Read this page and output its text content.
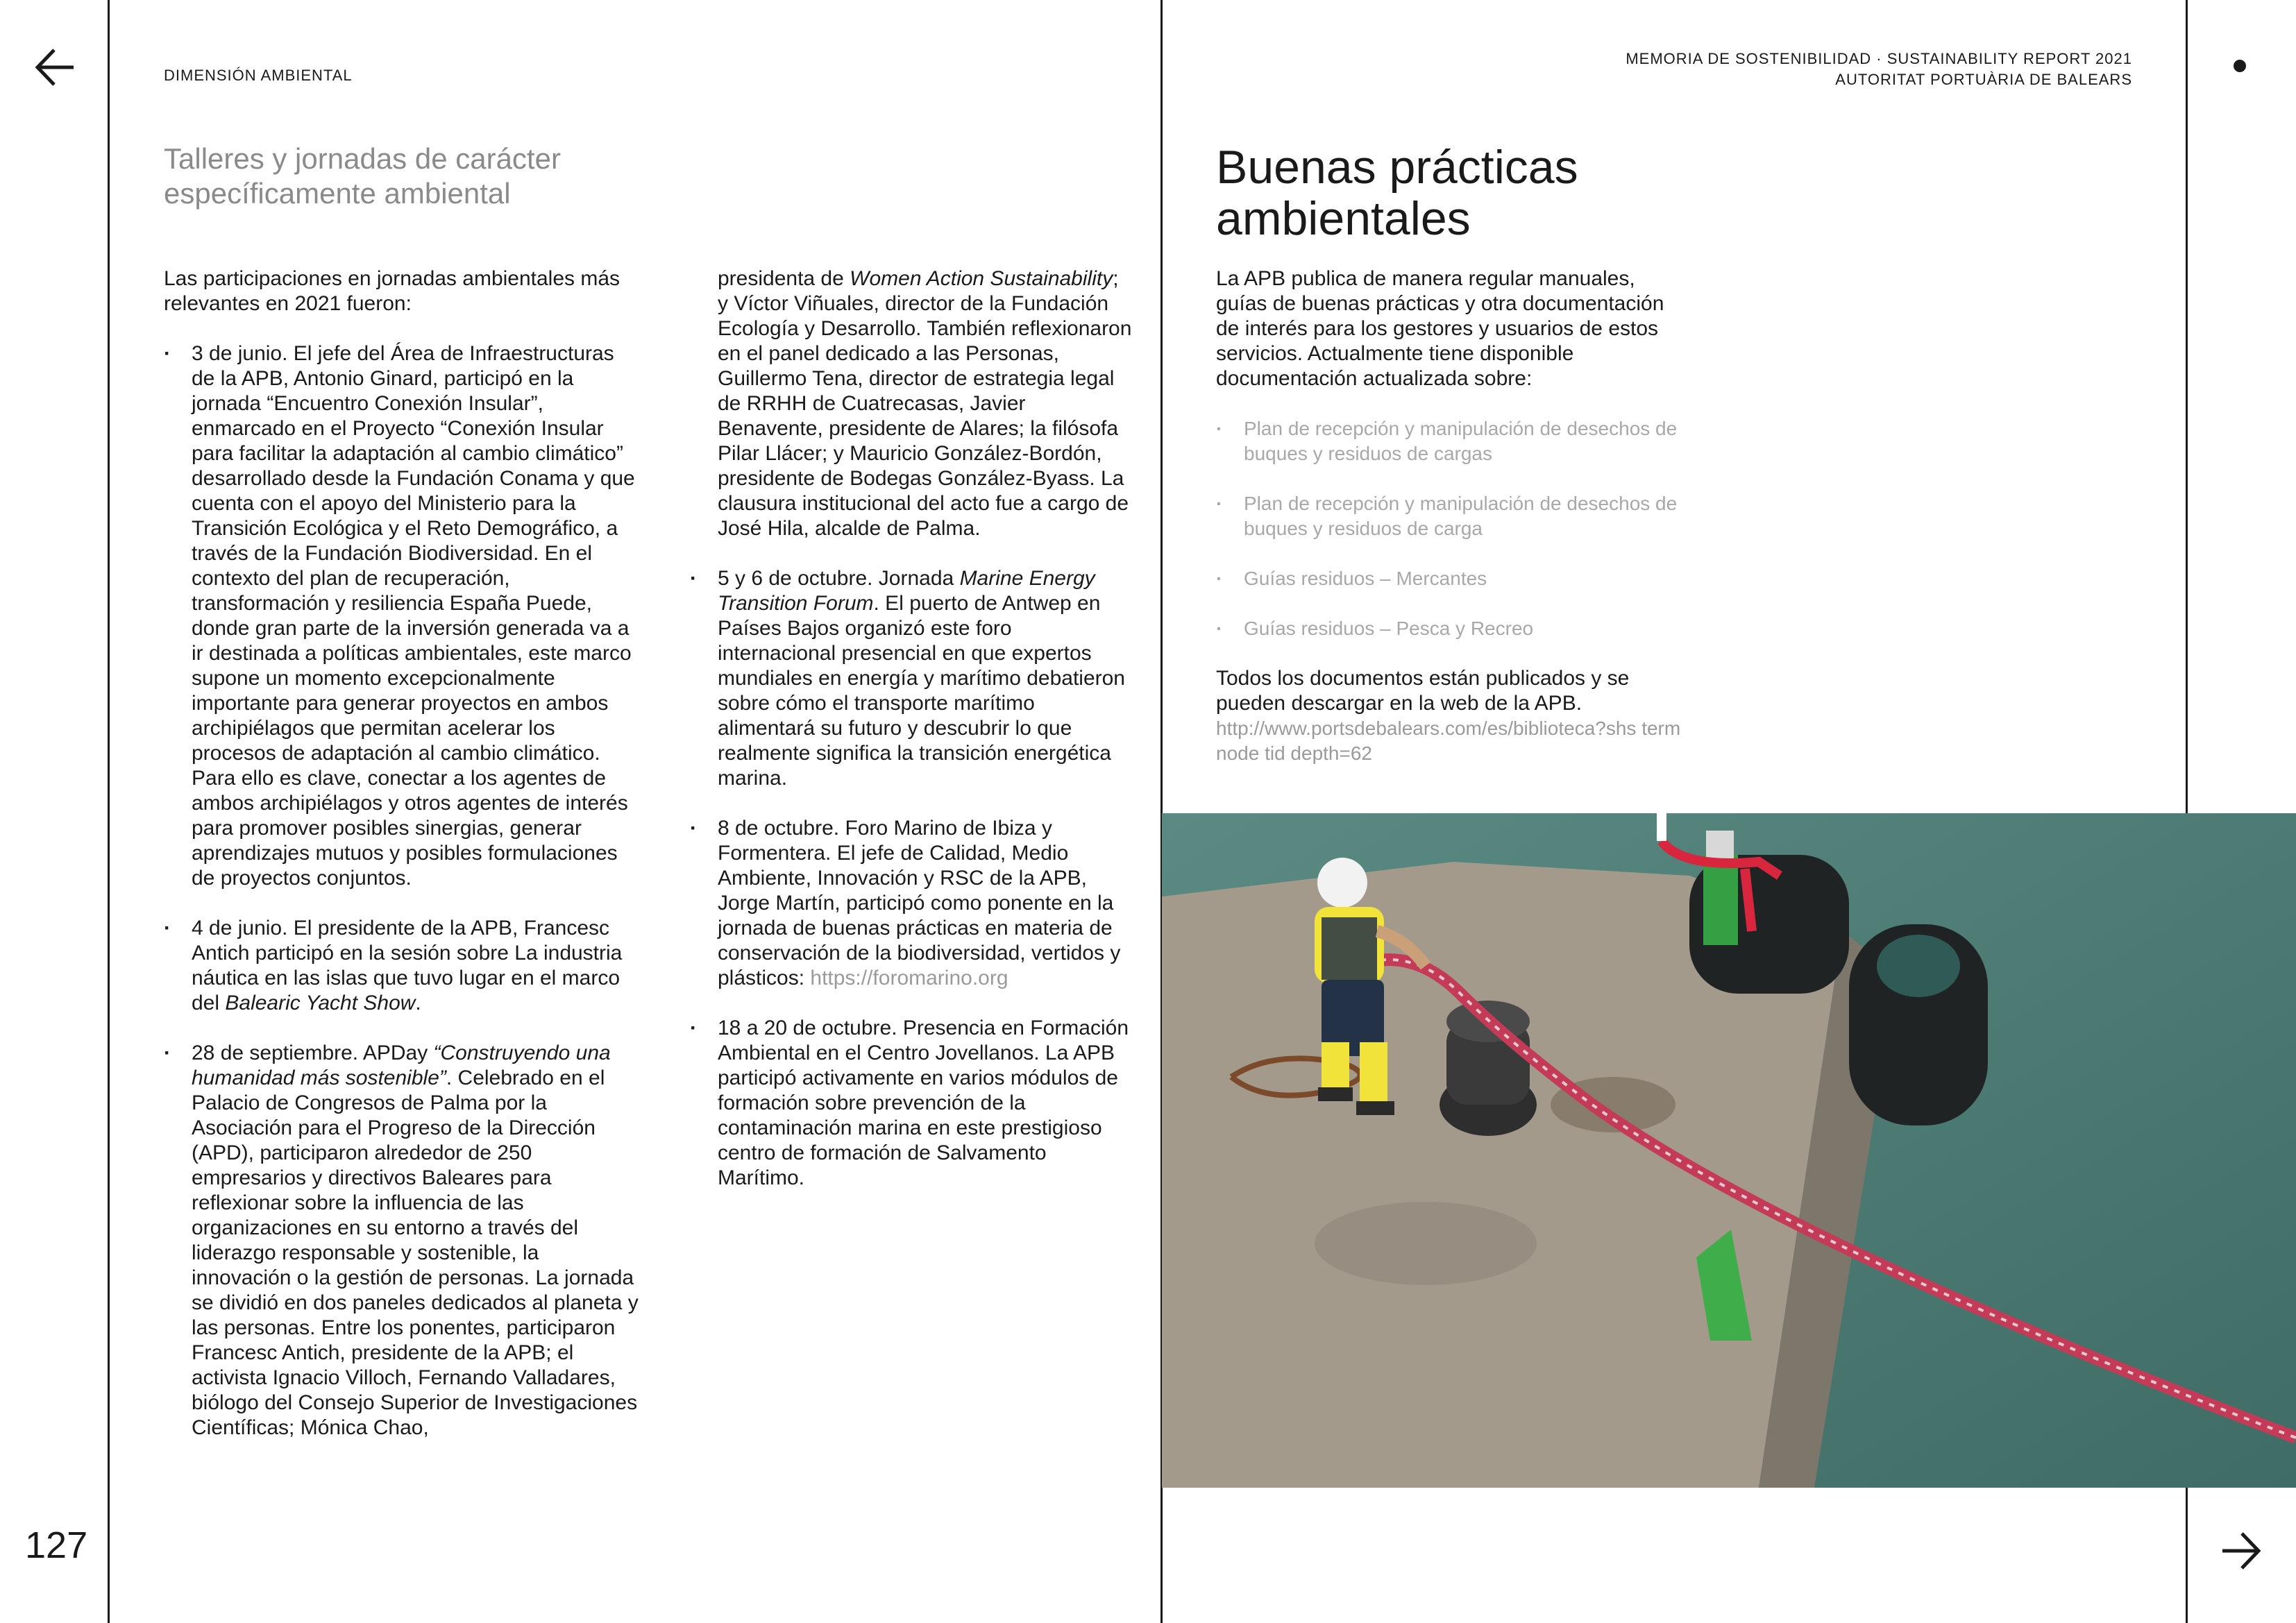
127
DIMENSIÓN AMBIENTAL
MEMORIA DE SOSTENIBILIDAD · SUSTAINABILITY REPORT 2021
AUTORITAT PORTUÀRIA DE BALEARS
Talleres y jornadas de carácter específicamente ambiental

Las participaciones en jornadas ambientales más relevantes en 2021 fueron:

· 3 de junio. El jefe del Área de Infraestructuras de la APB, Antonio Ginard, participó en la jornada “Encuentro Conexión Insular”, enmarcado en el Proyecto “Conexión Insular para facilitar la adaptación al cambio climático” desarrollado desde la Fundación Conama y que cuenta con el apoyo del Ministerio para la Transición Ecológica y el Reto Demográfico, a través de la Fundación Biodiversidad. En el contexto del plan de recuperación, transformación y resiliencia España Puede, donde gran parte de la inversión generada va a ir destinada a políticas ambientales, este marco supone un momento excepcionalmente importante para generar proyectos en ambos archipiélagos que permitan acelerar los procesos de adaptación al cambio climático. Para ello es clave, conectar a los agentes de ambos archipiélagos y otros agentes de interés para promover posibles sinergias, generar aprendizajes mutuos y posibles formulaciones de proyectos conjuntos.
· 4 de junio. El presidente de la APB, Francesc Antich participó en la sesión sobre La industria náutica en las islas que tuvo lugar en el marco del Balearic Yacht Show.
· 28 de septiembre. APDay “Construyendo una humanidad más sostenible”. Celebrado en el Palacio de Congresos de Palma por la Asociación para el Progreso de la Dirección (APD), participaron alrededor de 250 empresarios y directivos Baleares para reflexionar sobre la influencia de las organizaciones en su entorno a través del liderazgo responsable y sostenible, la innovación o la gestión de personas. La jornada se dividió en dos paneles dedicados al planeta y las personas. Entre los ponentes, participaron Francesc Antich, presidente de la APB; el activista Ignacio Villoch, Fernando Valladares, biólogo del Consejo Superior de Investigaciones Científicas; Mónica Chao,

presidenta de Women Action Sustainability; y Víctor Viñuales, director de la Fundación Ecología y Desarrollo. También reflexionaron en el panel dedicado a las Personas, Guillermo Tena, director de estrategia legal de RRHH de Cuatrecasas, Javier Benavente, presidente de Alares; la filósofa Pilar Llácer; y Mauricio González-Bordón, presidente de Bodegas González-Byass. La clausura institucional del acto fue a cargo de José Hila, alcalde de Palma.

· 5 y 6 de octubre. Jornada Marine Energy Transition Forum. El puerto de Antwep en Países Bajos organizó este foro internacional presencial en que expertos mundiales en energía y marítimo debatieron sobre cómo el transporte marítimo alimentará su futuro y descubrir lo que realmente significa la transición energética marina.
· 8 de octubre. Foro Marino de Ibiza y Formentera. El jefe de Calidad, Medio Ambiente, Innovación y RSC de la APB, Jorge Martín, participó como ponente en la jornada de buenas prácticas en materia de conservación de la biodiversidad, vertidos y plásticos: https://foromarino.org
· 18 a 20 de octubre. Presencia en Formación Ambiental en el Centro Jovellanos. La APB participó activamente en varios módulos de formación sobre prevención de la contaminación marina en este prestigioso centro de formación de Salvamento Marítimo.
Buenas prácticas ambientales

La APB publica de manera regular manuales, guías de buenas prácticas y otra documentación de interés para los gestores y usuarios de estos servicios. Actualmente tiene disponible documentación actualizada sobre:

· Plan de recepción y manipulación de desechos de buques y residuos de cargas
· Plan de recepción y manipulación de desechos de buques y residuos de carga
· Guías residuos – Mercantes
· Guías residuos – Pesca y Recreo

Todos los documentos están publicados y se pueden descargar en la web de la APB. http://www.portsdebalears.com/es/biblioteca?shs term node tid depth=62
